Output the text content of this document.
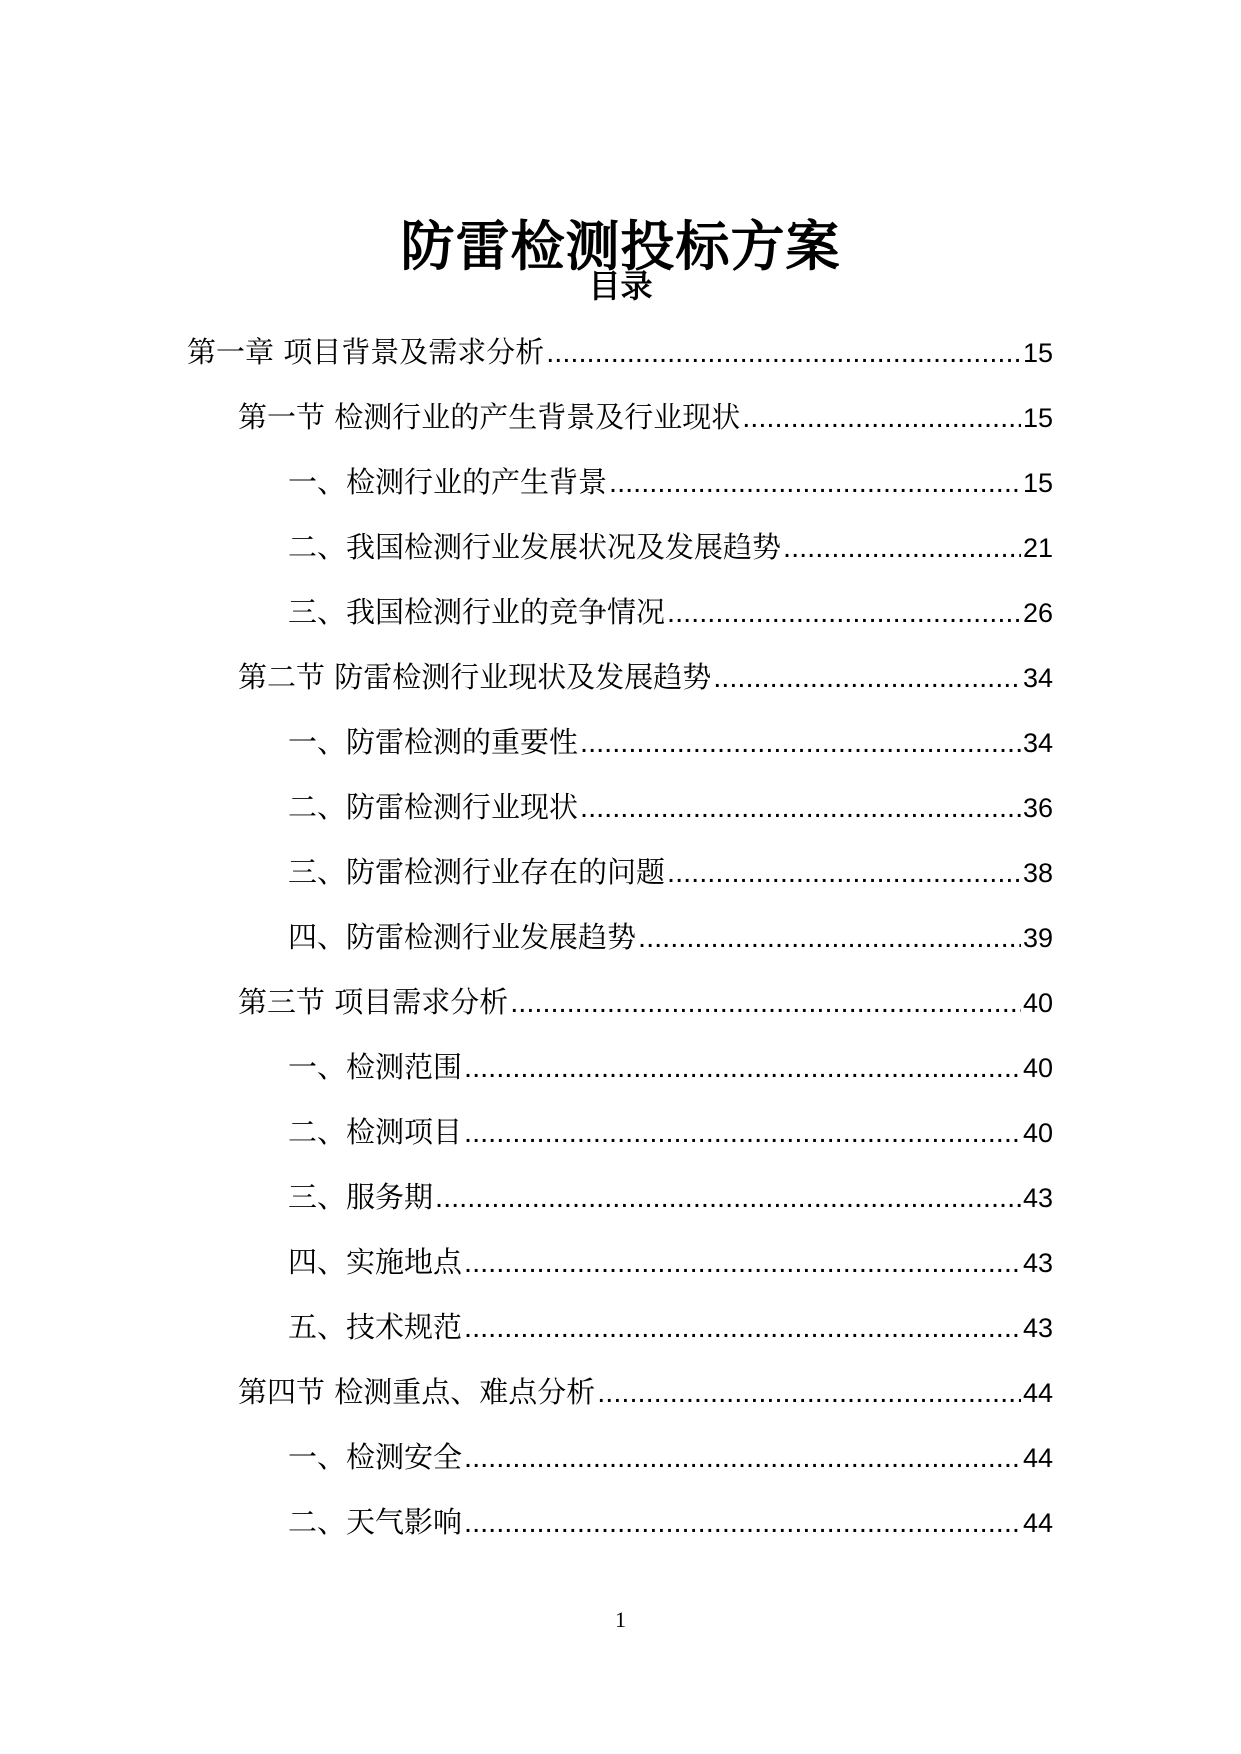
防雷检测投标方案
目录
第一章 项目背景及需求分析 .....	15
第一节 检测行业的产生背景及行业现状 .....	15
一、检测行业的产生背景 .....	15
二、我国检测行业发展状况及发展趋势 .....	21
三、我国检测行业的竞争情况 .....	26
第二节 防雷检测行业现状及发展趋势 .....	34
一、防雷检测的重要性 .....	34
二、防雷检测行业现状 .....	36
三、防雷检测行业存在的问题 .....	38
四、防雷检测行业发展趋势 .....	39
第三节 项目需求分析 .....	40
一、检测范围 .....	40
二、检测项目 .....	40
三、服务期 .....	43
四、实施地点 .....	43
五、技术规范 .....	43
第四节 检测重点、难点分析 .....	44
一、检测安全 .....	44
二、天气影响 .....	44
1
